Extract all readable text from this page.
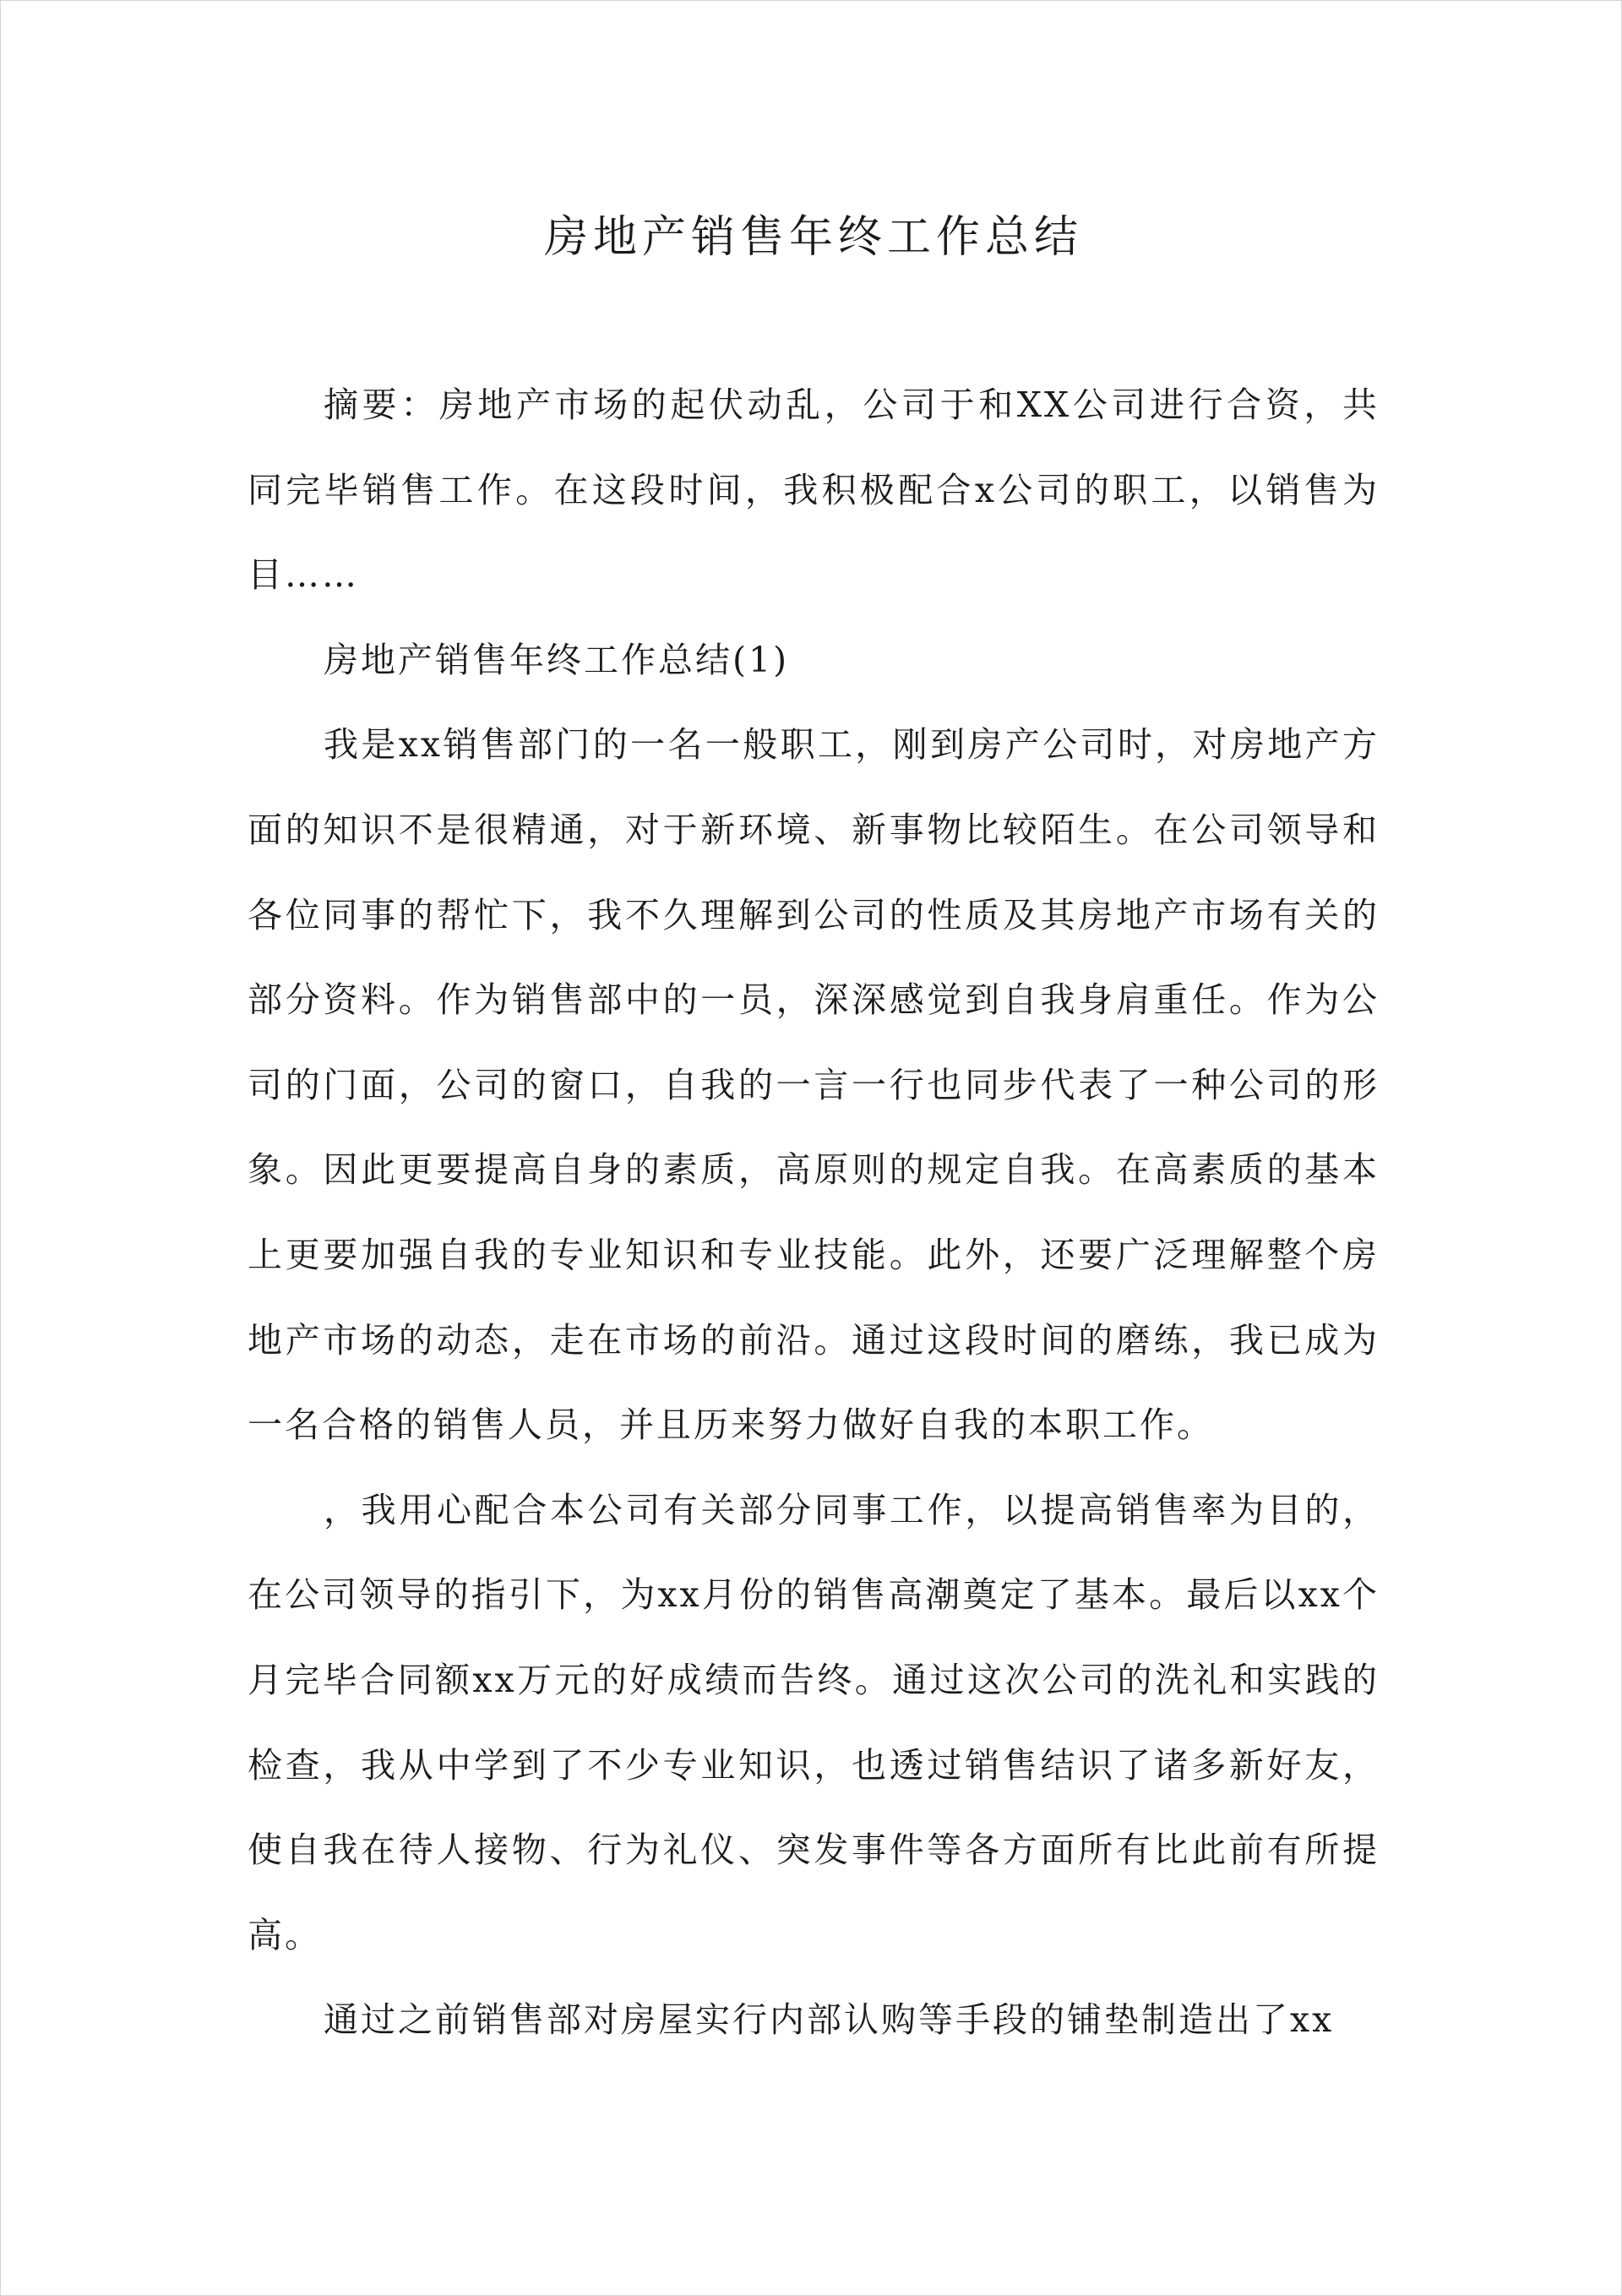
房地产销售年终工作总结

摘要：房地产市场的起伏动乱，公司于和XX公司进行合资，共同完毕销售工作。在这段时间，我积极配合x公司的职工，以销售为目……

房地产销售年终工作总结(1)

我是xx销售部门的一名一般职工，刚到房产公司时，对房地产方面的知识不是很精通，对于新环境、新事物比较陌生。在公司领导和各位同事的帮忙下，我不久理解到公司的性质及其房地产市场有关的部分资料。作为销售部中的一员，深深感觉到自我身肩重任。作为公司的门面，公司的窗口，自我的一言一行也同步代表了一种公司的形象。因此更要提高自身的素质，高原则的规定自我。在高素质的基本上更要加强自我的专业知识和专业技能。此外，还要广泛理解整个房地产市场的动态，走在市场的前沿。通过这段时间的磨练，我已成为一名合格的销售人员，并且历来努力做好自我的本职工作。

，我用心配合本公司有关部分同事工作，以提高销售率为目的，在公司领导的指引下，为xx月份的销售高潮奠定了基本。最后以xx个月完毕合同额xx万元的好成绩而告终。通过这次公司的洗礼和实践的检查，我从中学到了不少专业知识，也透过销售结识了诸多新好友，使自我在待人接物、行为礼仪、突发事件等各方面所有比此前有所提高。

通过之前销售部对房屋实行内部认购等手段的铺垫制造出了xx
